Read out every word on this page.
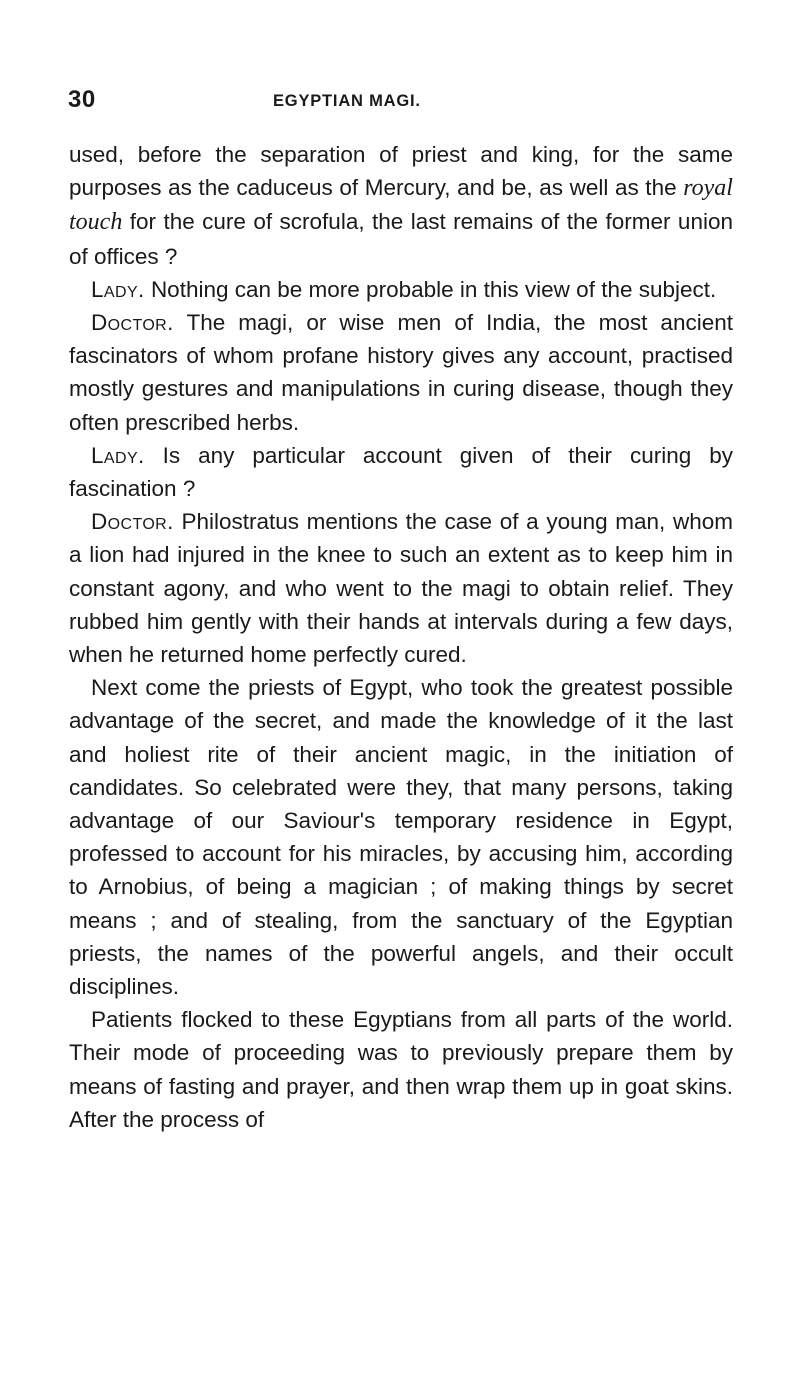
30	EGYPTIAN MAGI.

used, before the separation of priest and king, for the same purposes as the caduceus of Mercury, and be, as well as the royal touch for the cure of scrofula, the last remains of the former union of offices ?

Lady. Nothing can be more probable in this view of the subject.

Doctor. The magi, or wise men of India, the most ancient fascinators of whom profane history gives any account, practised mostly gestures and manipulations in curing disease, though they often prescribed herbs.

Lady. Is any particular account given of their curing by fascination ?

Doctor. Philostratus mentions the case of a young man, whom a lion had injured in the knee to such an extent as to keep him in constant agony, and who went to the magi to obtain relief. They rubbed him gently with their hands at intervals during a few days, when he returned home perfectly cured.

Next come the priests of Egypt, who took the greatest possible advantage of the secret, and made the knowledge of it the last and holiest rite of their ancient magic, in the initiation of candidates. So celebrated were they, that many persons, taking advantage of our Saviour's temporary residence in Egypt, professed to account for his miracles, by accusing him, according to Arnobius, of being a magician ; of making things by secret means ; and of stealing, from the sanctuary of the Egyptian priests, the names of the powerful angels, and their occult disciplines.

Patients flocked to these Egyptians from all parts of the world. Their mode of proceeding was to previously prepare them by means of fasting and prayer, and then wrap them up in goat skins. After the process of
